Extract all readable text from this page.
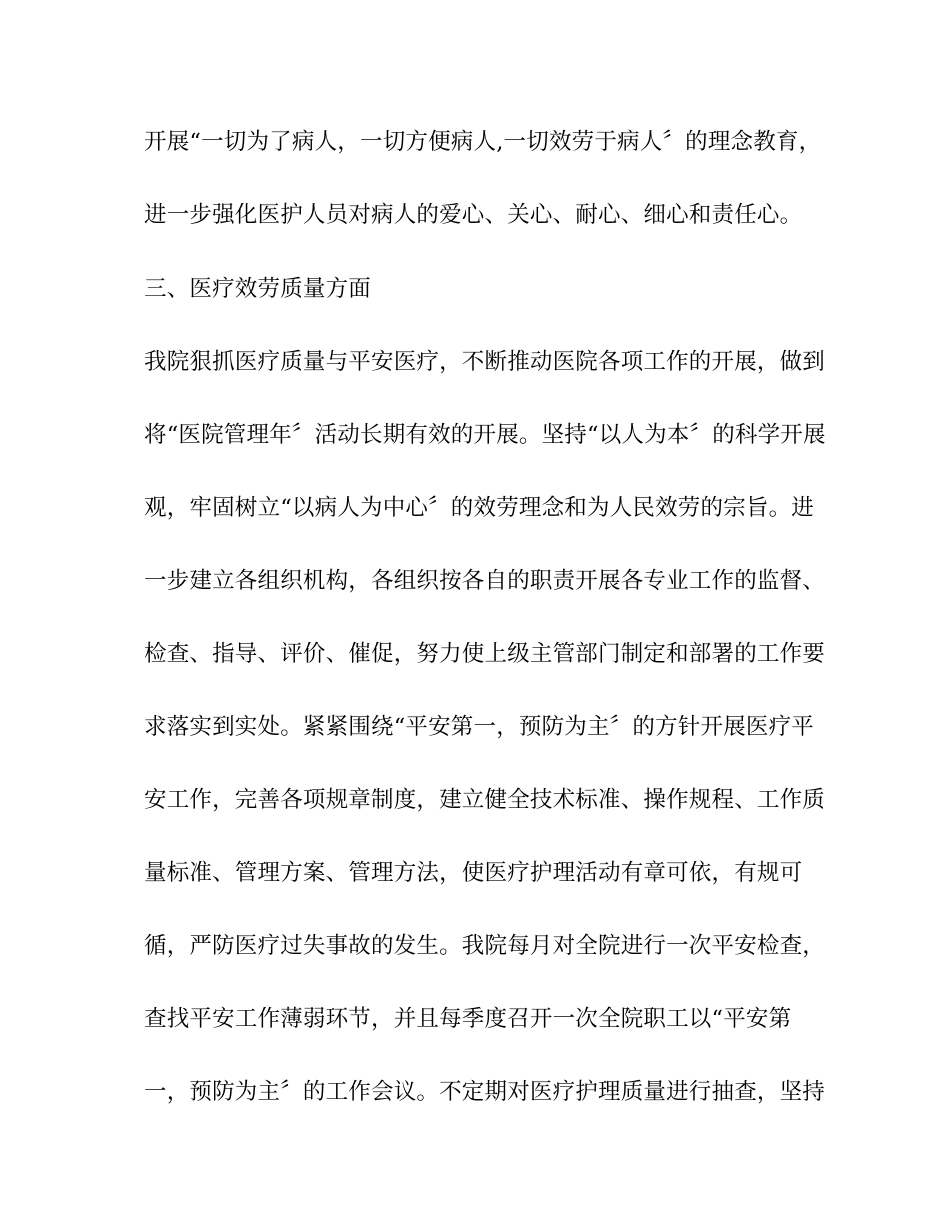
开展“一切为了病人，一切方便病人,一切效劳于病人〞的理念教育，
进一步强化医护人员对病人的爱心、关心、耐心、细心和责任心。
三、医疗效劳质量方面
我院狠抓医疗质量与平安医疗，不断推动医院各项工作的开展，做到
将“医院管理年〞活动长期有效的开展。坚持“以人为本〞的科学开展
观，牢固树立“以病人为中心〞的效劳理念和为人民效劳的宗旨。进
一步建立各组织机构，各组织按各自的职责开展各专业工作的监督、
检查、指导、评价、催促，努力使上级主管部门制定和部署的工作要
求落实到实处。紧紧围绕“平安第一，预防为主〞的方针开展医疗平
安工作，完善各项规章制度，建立健全技术标准、操作规程、工作质
量标准、管理方案、管理方法，使医疗护理活动有章可依，有规可
循，严防医疗过失事故的发生。我院每月对全院进行一次平安检查，
查找平安工作薄弱环节，并且每季度召开一次全院职工以“平安第
一，预防为主〞的工作会议。不定期对医疗护理质量进行抽查，坚持
